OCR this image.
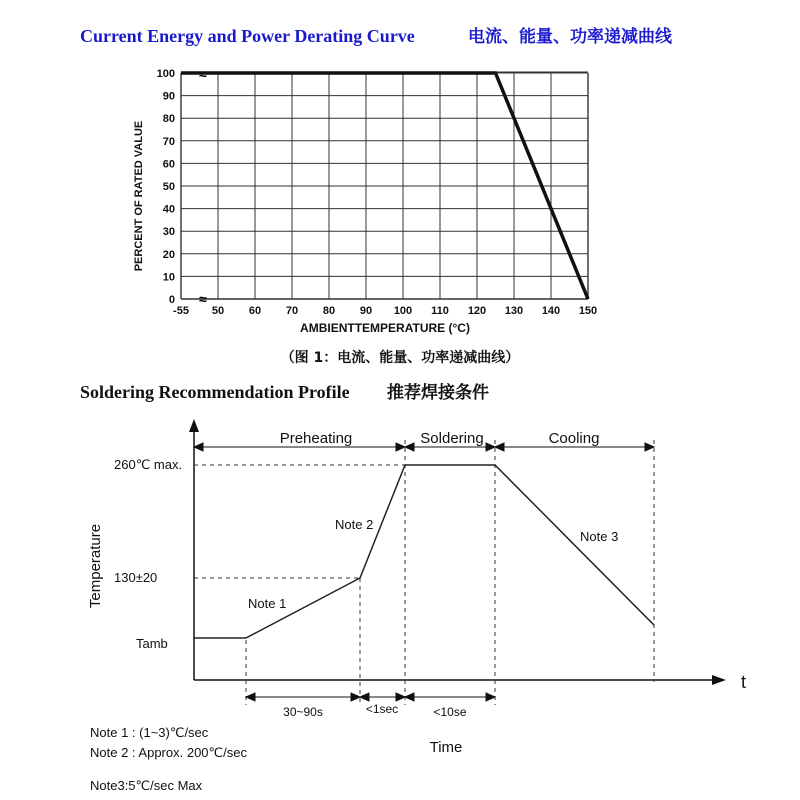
Current Energy and Power Derating Curve	电流、能量、功率递减曲线
0
10
20
30
40
50
60
70
80
90
100
-55 50 60 70 80 90 100 110 120 130 140 150
≈
≈
PERCENT OF RATED VALUE
AMBIENTTEMPERATURE (°C)
（图 1：电流、能量、功率递减曲线）
Soldering Recommendation Profile 推荐焊接条件
t
Preheating	Soldering	Cooling
30~90s	<1sec	<10se
260℃ max.
130±20
Tamb
Temperature	Note 1
Note 2
Note 3
Time
Note 1 : (1~3)℃/sec
Note 2 : Approx. 200℃/sec
Note3:5℃/sec Max
